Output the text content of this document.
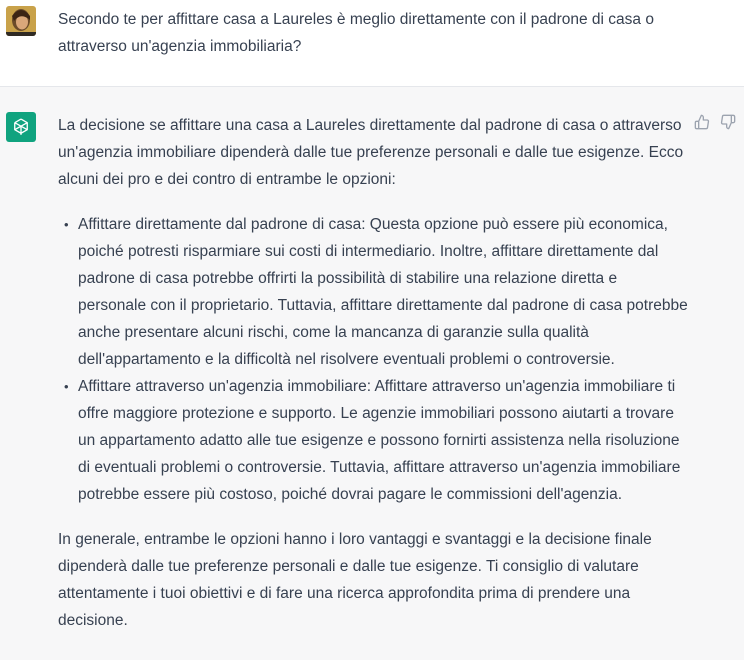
Secondo te per affittare casa a Laureles è meglio direttamente con il padrone di casa o attraverso un'agenzia immobiliaria?

La decisione se affittare una casa a Laureles direttamente dal padrone di casa o attraverso un'agenzia immobiliare dipenderà dalle tue preferenze personali e dalle tue esigenze. Ecco alcuni dei pro e dei contro di entrambe le opzioni:

• Affittare direttamente dal padrone di casa: Questa opzione può essere più economica, poiché potresti risparmiare sui costi di intermediario. Inoltre, affittare direttamente dal padrone di casa potrebbe offrirti la possibilità di stabilire una relazione diretta e personale con il proprietario. Tuttavia, affittare direttamente dal padrone di casa potrebbe anche presentare alcuni rischi, come la mancanza di garanzie sulla qualità dell'appartamento e la difficoltà nel risolvere eventuali problemi o controversie.
• Affittare attraverso un'agenzia immobiliare: Affittare attraverso un'agenzia immobiliare ti offre maggiore protezione e supporto. Le agenzie immobiliari possono aiutarti a trovare un appartamento adatto alle tue esigenze e possono fornirti assistenza nella risoluzione di eventuali problemi o controversie. Tuttavia, affittare attraverso un'agenzia immobiliare potrebbe essere più costoso, poiché dovrai pagare le commissioni dell'agenzia.

In generale, entrambe le opzioni hanno i loro vantaggi e svantaggi e la decisione finale dipenderà dalle tue preferenze personali e dalle tue esigenze. Ti consiglio di valutare attentamente i tuoi obiettivi e di fare una ricerca approfondita prima di prendere una decisione.
